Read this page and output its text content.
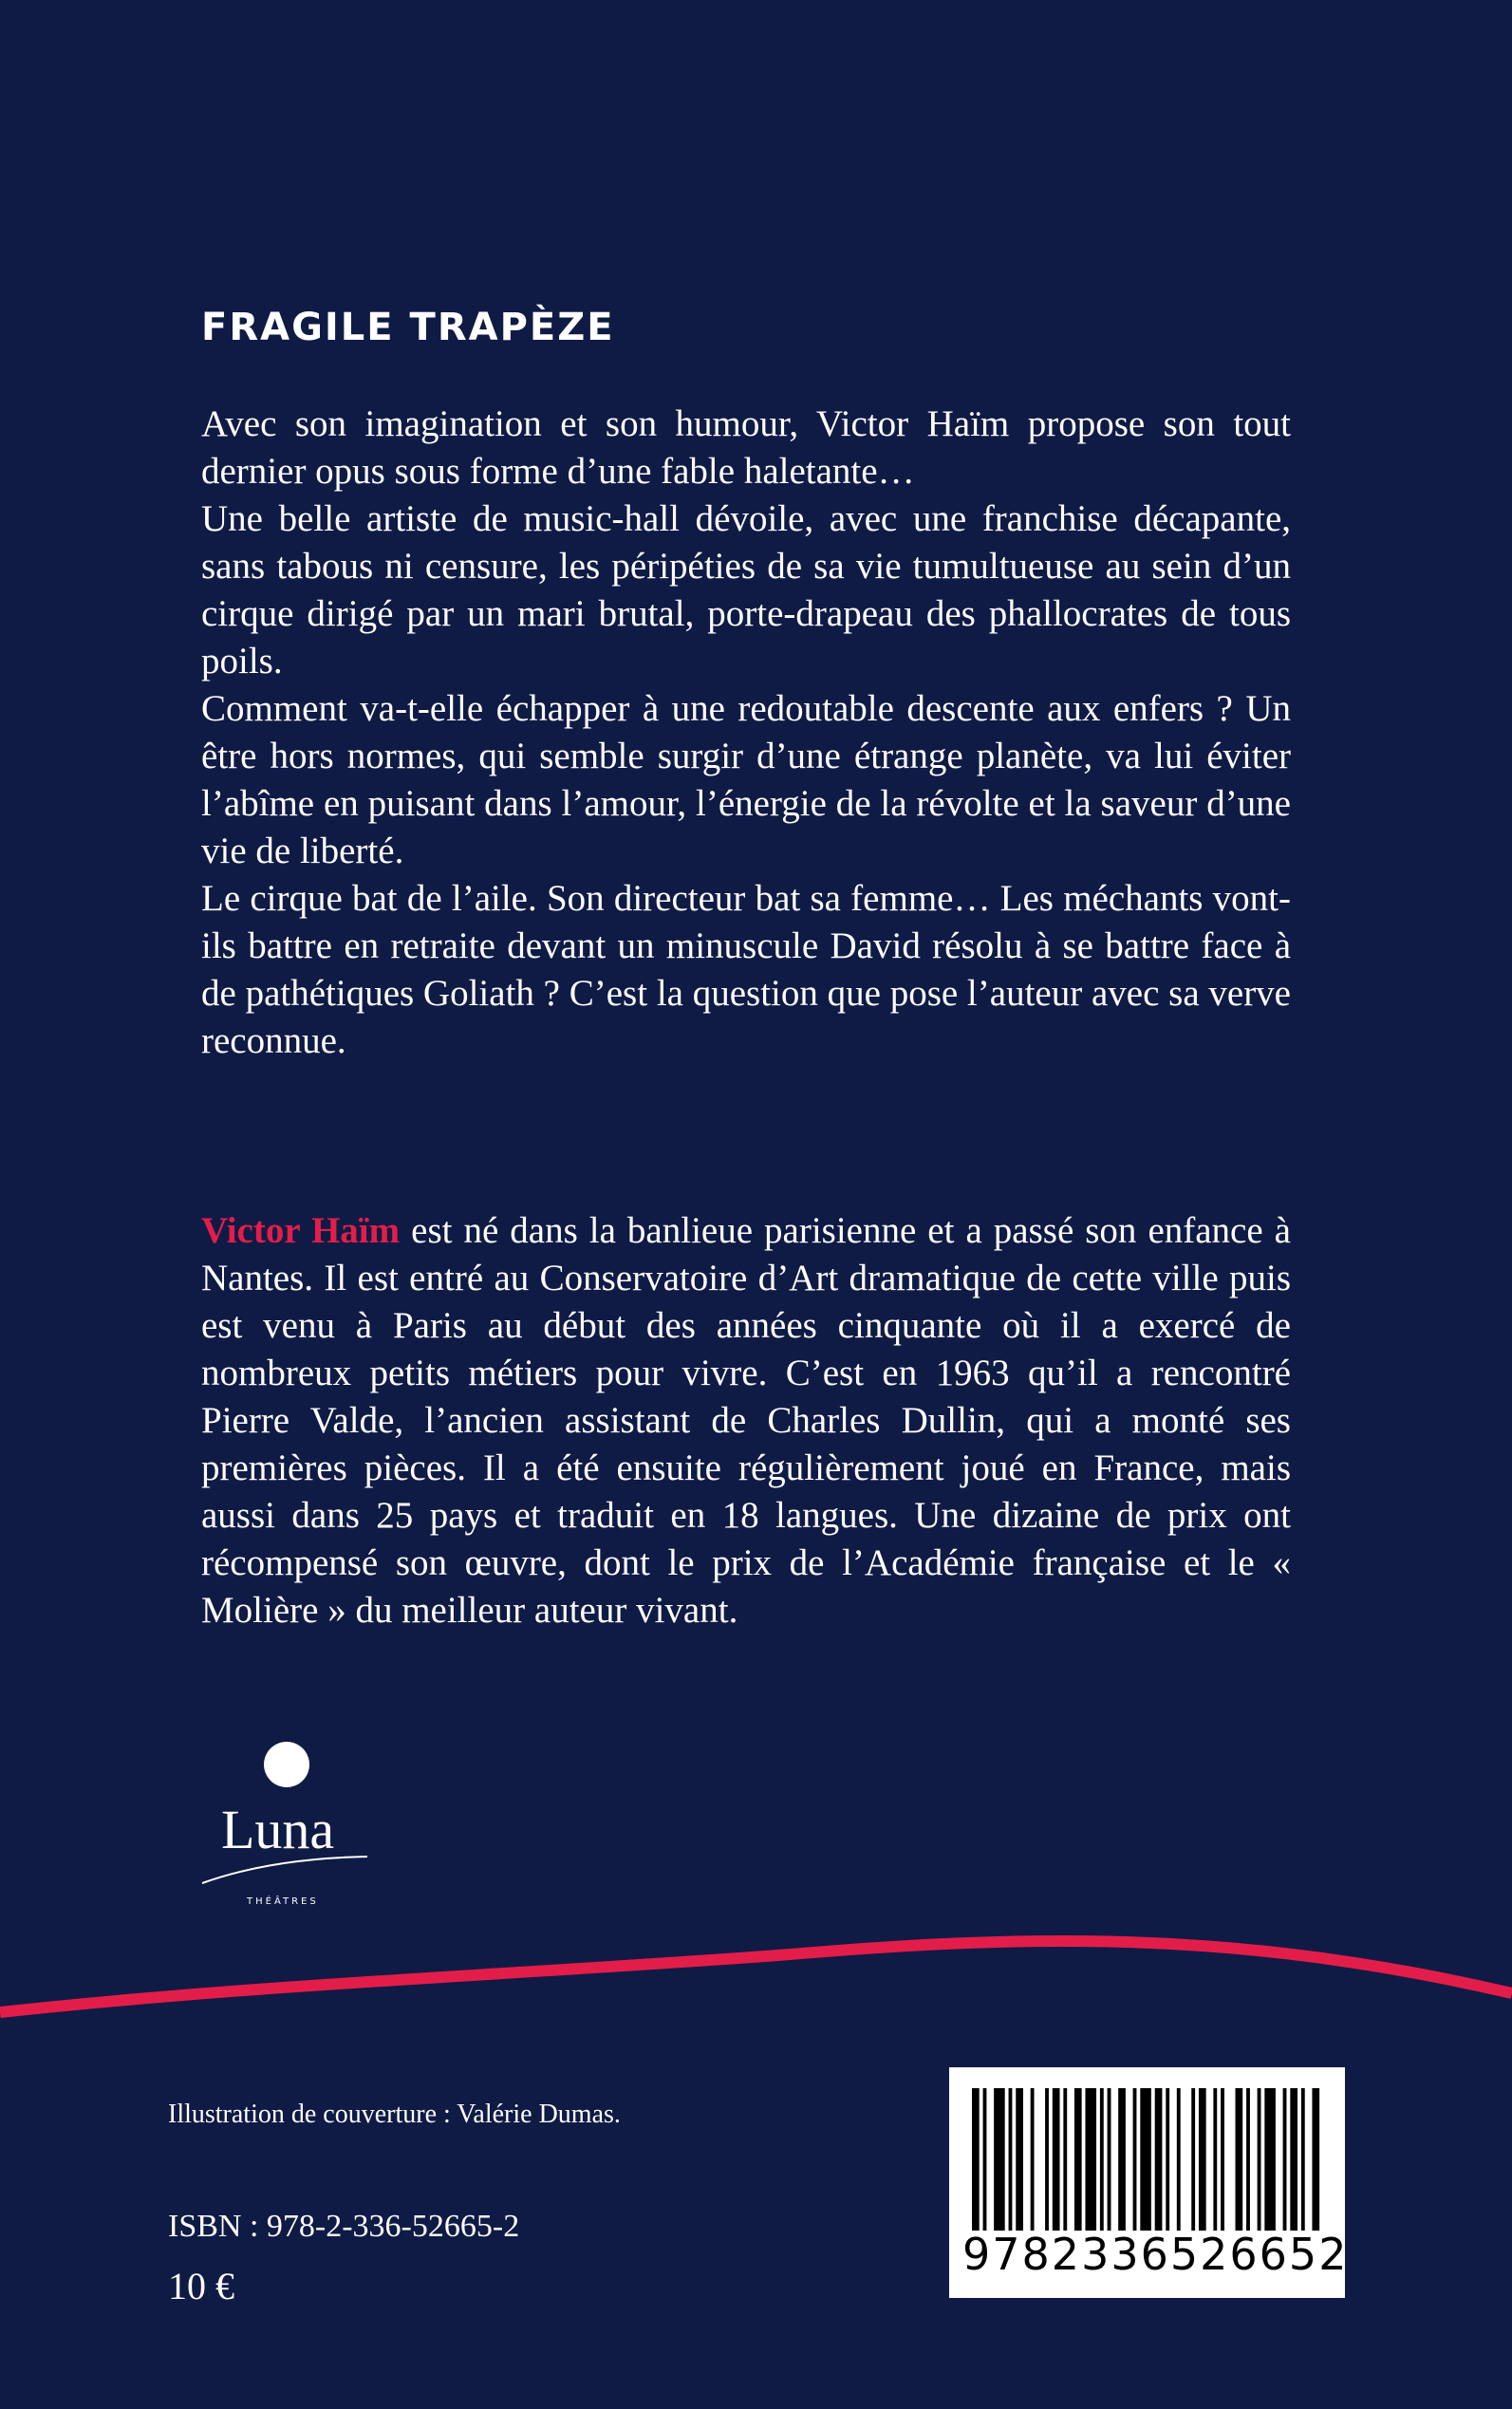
FRAGILE TRAPÈZE

Avec son imagination et son humour, Victor Haïm propose son tout dernier opus sous forme d’une fable haletante…

Une belle artiste de music-hall dévoile, avec une franchise décapante, sans tabous ni censure, les péripéties de sa vie tumultueuse au sein d’un cirque dirigé par un mari brutal, porte-drapeau des phallocrates de tous poils.

Comment va-t-elle échapper à une redoutable descente aux enfers ? Un être hors normes, qui semble surgir d’une étrange planète, va lui éviter l’abîme en puisant dans l’amour, l’énergie de la révolte et la saveur d’une vie de liberté.

Le cirque bat de l’aile. Son directeur bat sa femme… Les méchants vont-ils battre en retraite devant un minuscule David résolu à se battre face à de pathétiques Goliath ? C’est la question que pose l’auteur avec sa verve reconnue.

Victor Haïm est né dans la banlieue parisienne et a passé son enfance à Nantes. Il est entré au Conservatoire d’Art dramatique de cette ville puis est venu à Paris au début des années cinquante où il a exercé de nombreux petits métiers pour vivre. C’est en 1963 qu’il a rencontré Pierre Valde, l’ancien assistant de Charles Dullin, qui a monté ses premières pièces. Il a été ensuite régulièrement joué en France, mais aussi dans 25 pays et traduit en 18 langues. Une dizaine de prix ont récompensé son œuvre, dont le prix de l’Académie française et le « Molière » du meilleur auteur vivant.

Luna
THÉÂTRES
Illustration de couverture : Valérie Dumas.
ISBN : 978-2-336-52665-2
10 €
9782336526652
